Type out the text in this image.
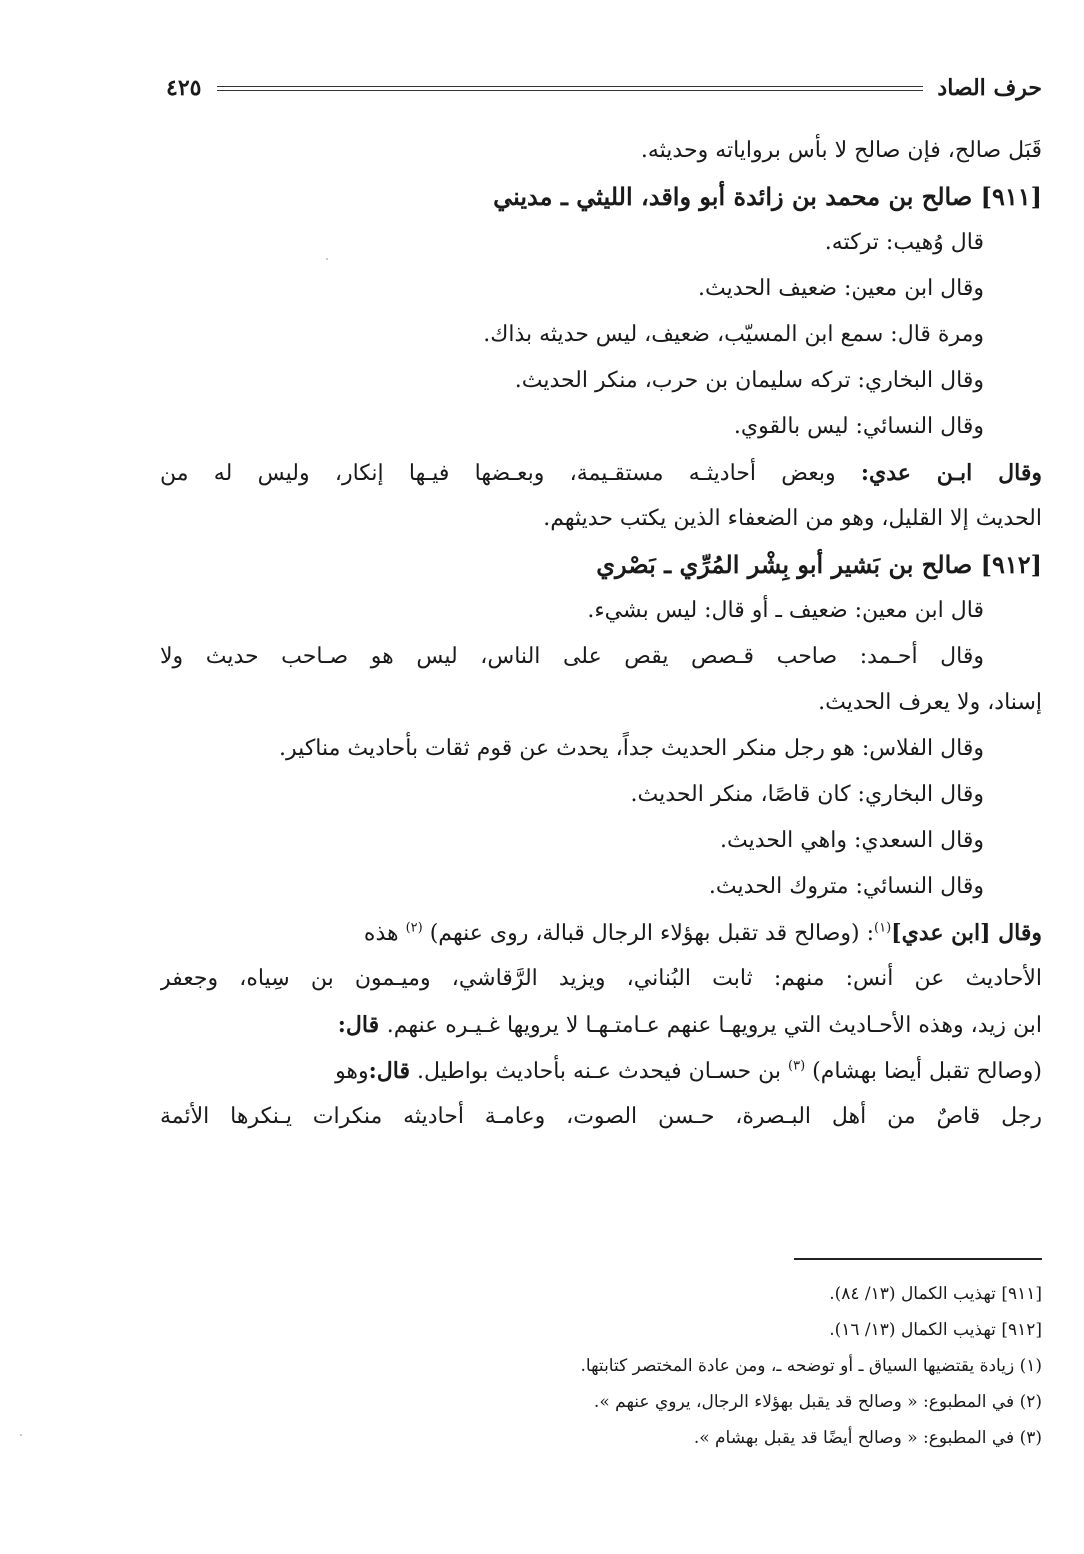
حرف الصاد
٤٢٥
قَبَل صالح، فإن صالح لا بأس برواياته وحديثه.
[٩١١] صالح بن محمد بن زائدة أبو واقد، الليثي ـ مديني
قال وُهيب: تركته.
وقال ابن معين: ضعيف الحديث.
ومرة قال: سمع ابن المسيّب، ضعيف، ليس حديثه بذاك.
وقال البخاري: تركه سليمان بن حرب، منكر الحديث.
وقال النسائي: ليس بالقوي.
وقال ابـن عدي: وبعض أحاديثـه مستقـيمة، وبعـضها فيـها إنكار، وليس له من
الحديث إلا القليل، وهو من الضعفاء الذين يكتب حديثهم.
[٩١٢] صالح بن بَشير أبو بِشْر المُرِّي ـ بَصْري
قال ابن معين: ضعيف ـ أو قال: ليس بشيء.
وقال أحـمد: صاحب قـصص يقص على الناس، ليس هو صـاحب حديث ولا
إسناد، ولا يعرف الحديث.
وقال الفلاس: هو رجل منكر الحديث جداً، يحدث عن قوم ثقات بأحاديث مناكير.
وقال البخاري: كان قاصًا، منكر الحديث.
وقال السعدي: واهي الحديث.
وقال النسائي: متروك الحديث.
وقال [ابن عدي]$^{(١)}$: (وصالح قد تقبل بهؤلاء الرجال قبالة، روى عنهم) $^{(٢)}$ هذه
الأحاديث عن أنس: منهم: ثابت البُناني، ويزيد الرَّقاشي، وميـمون بن سِياه، وجعفر
ابن زيد، وهذه الأحـاديث التي يرويهـا عنهم عـامتـهـا لا يرويها غـيـره عنهم. قال:
(وصالح تقبل أيضا بهشام) $^{(٣)}$ بن حسـان فيحدث عـنه بأحاديث بواطيل. قال:وهو
رجل قاصٌ من أهل البـصرة، حـسن الصوت، وعامـة أحاديثه منكرات يـنكرها الأئمة
[٩١١] تهذيب الكمال (١٣/ ٨٤).
[٩١٢] تهذيب الكمال (١٣/ ١٦).
(١) زيادة يقتضيها السياق ـ أو توضحه ـ، ومن عادة المختصر كتابتها.
(٢) في المطبوع: « وصالح قد يقبل بهؤلاء الرجال، يروي عنهم ».
(٣) في المطبوع: « وصالح أيضًا قد يقبل بهشام ».
